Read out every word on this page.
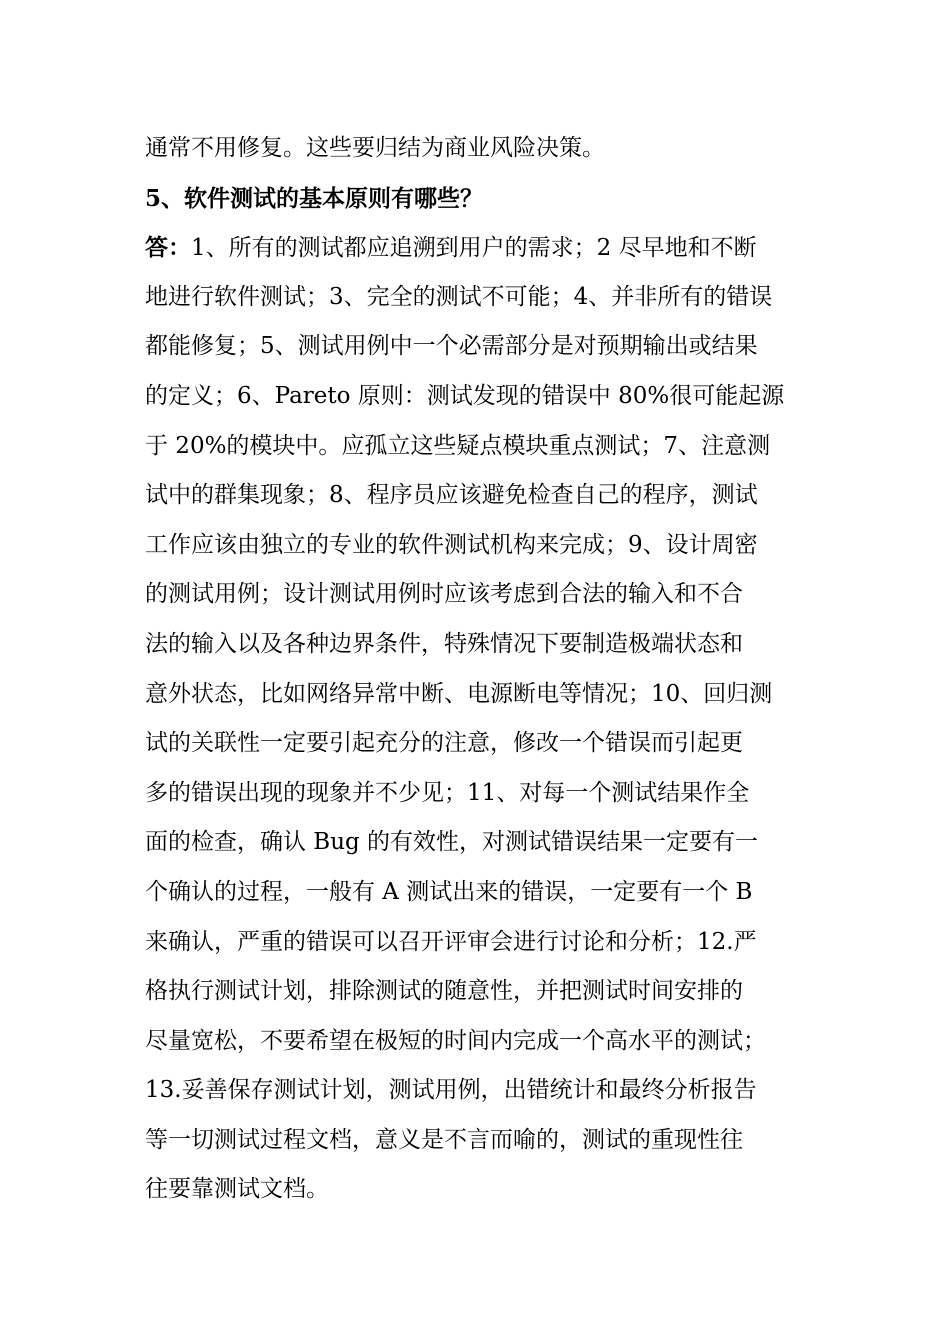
通常不用修复。这些要归结为商业风险决策。
5、软件测试的基本原则有哪些？
答：1、所有的测试都应追溯到用户的需求；2 尽早地和不断
地进行软件测试；3、完全的测试不可能；4、并非所有的错误
都能修复；5、测试用例中一个必需部分是对预期输出或结果
的定义；6、Pareto 原则：测试发现的错误中 80%很可能起源
于 20%的模块中。应孤立这些疑点模块重点测试；7、注意测
试中的群集现象；8、程序员应该避免检查自己的程序，测试
工作应该由独立的专业的软件测试机构来完成；9、设计周密
的测试用例；设计测试用例时应该考虑到合法的输入和不合
法的输入以及各种边界条件，特殊情况下要制造极端状态和
意外状态，比如网络异常中断、电源断电等情况；10、回归测
试的关联性一定要引起充分的注意，修改一个错误而引起更
多的错误出现的现象并不少见；11、对每一个测试结果作全
面的检查，确认 Bug 的有效性，对测试错误结果一定要有一
个确认的过程，一般有 A 测试出来的错误，一定要有一个 B
来确认，严重的错误可以召开评审会进行讨论和分析；12.严
格执行测试计划，排除测试的随意性，并把测试时间安排的
尽量宽松，不要希望在极短的时间内完成一个高水平的测试；
13.妥善保存测试计划，测试用例，出错统计和最终分析报告
等一切测试过程文档，意义是不言而喻的，测试的重现性往
往要靠测试文档。
